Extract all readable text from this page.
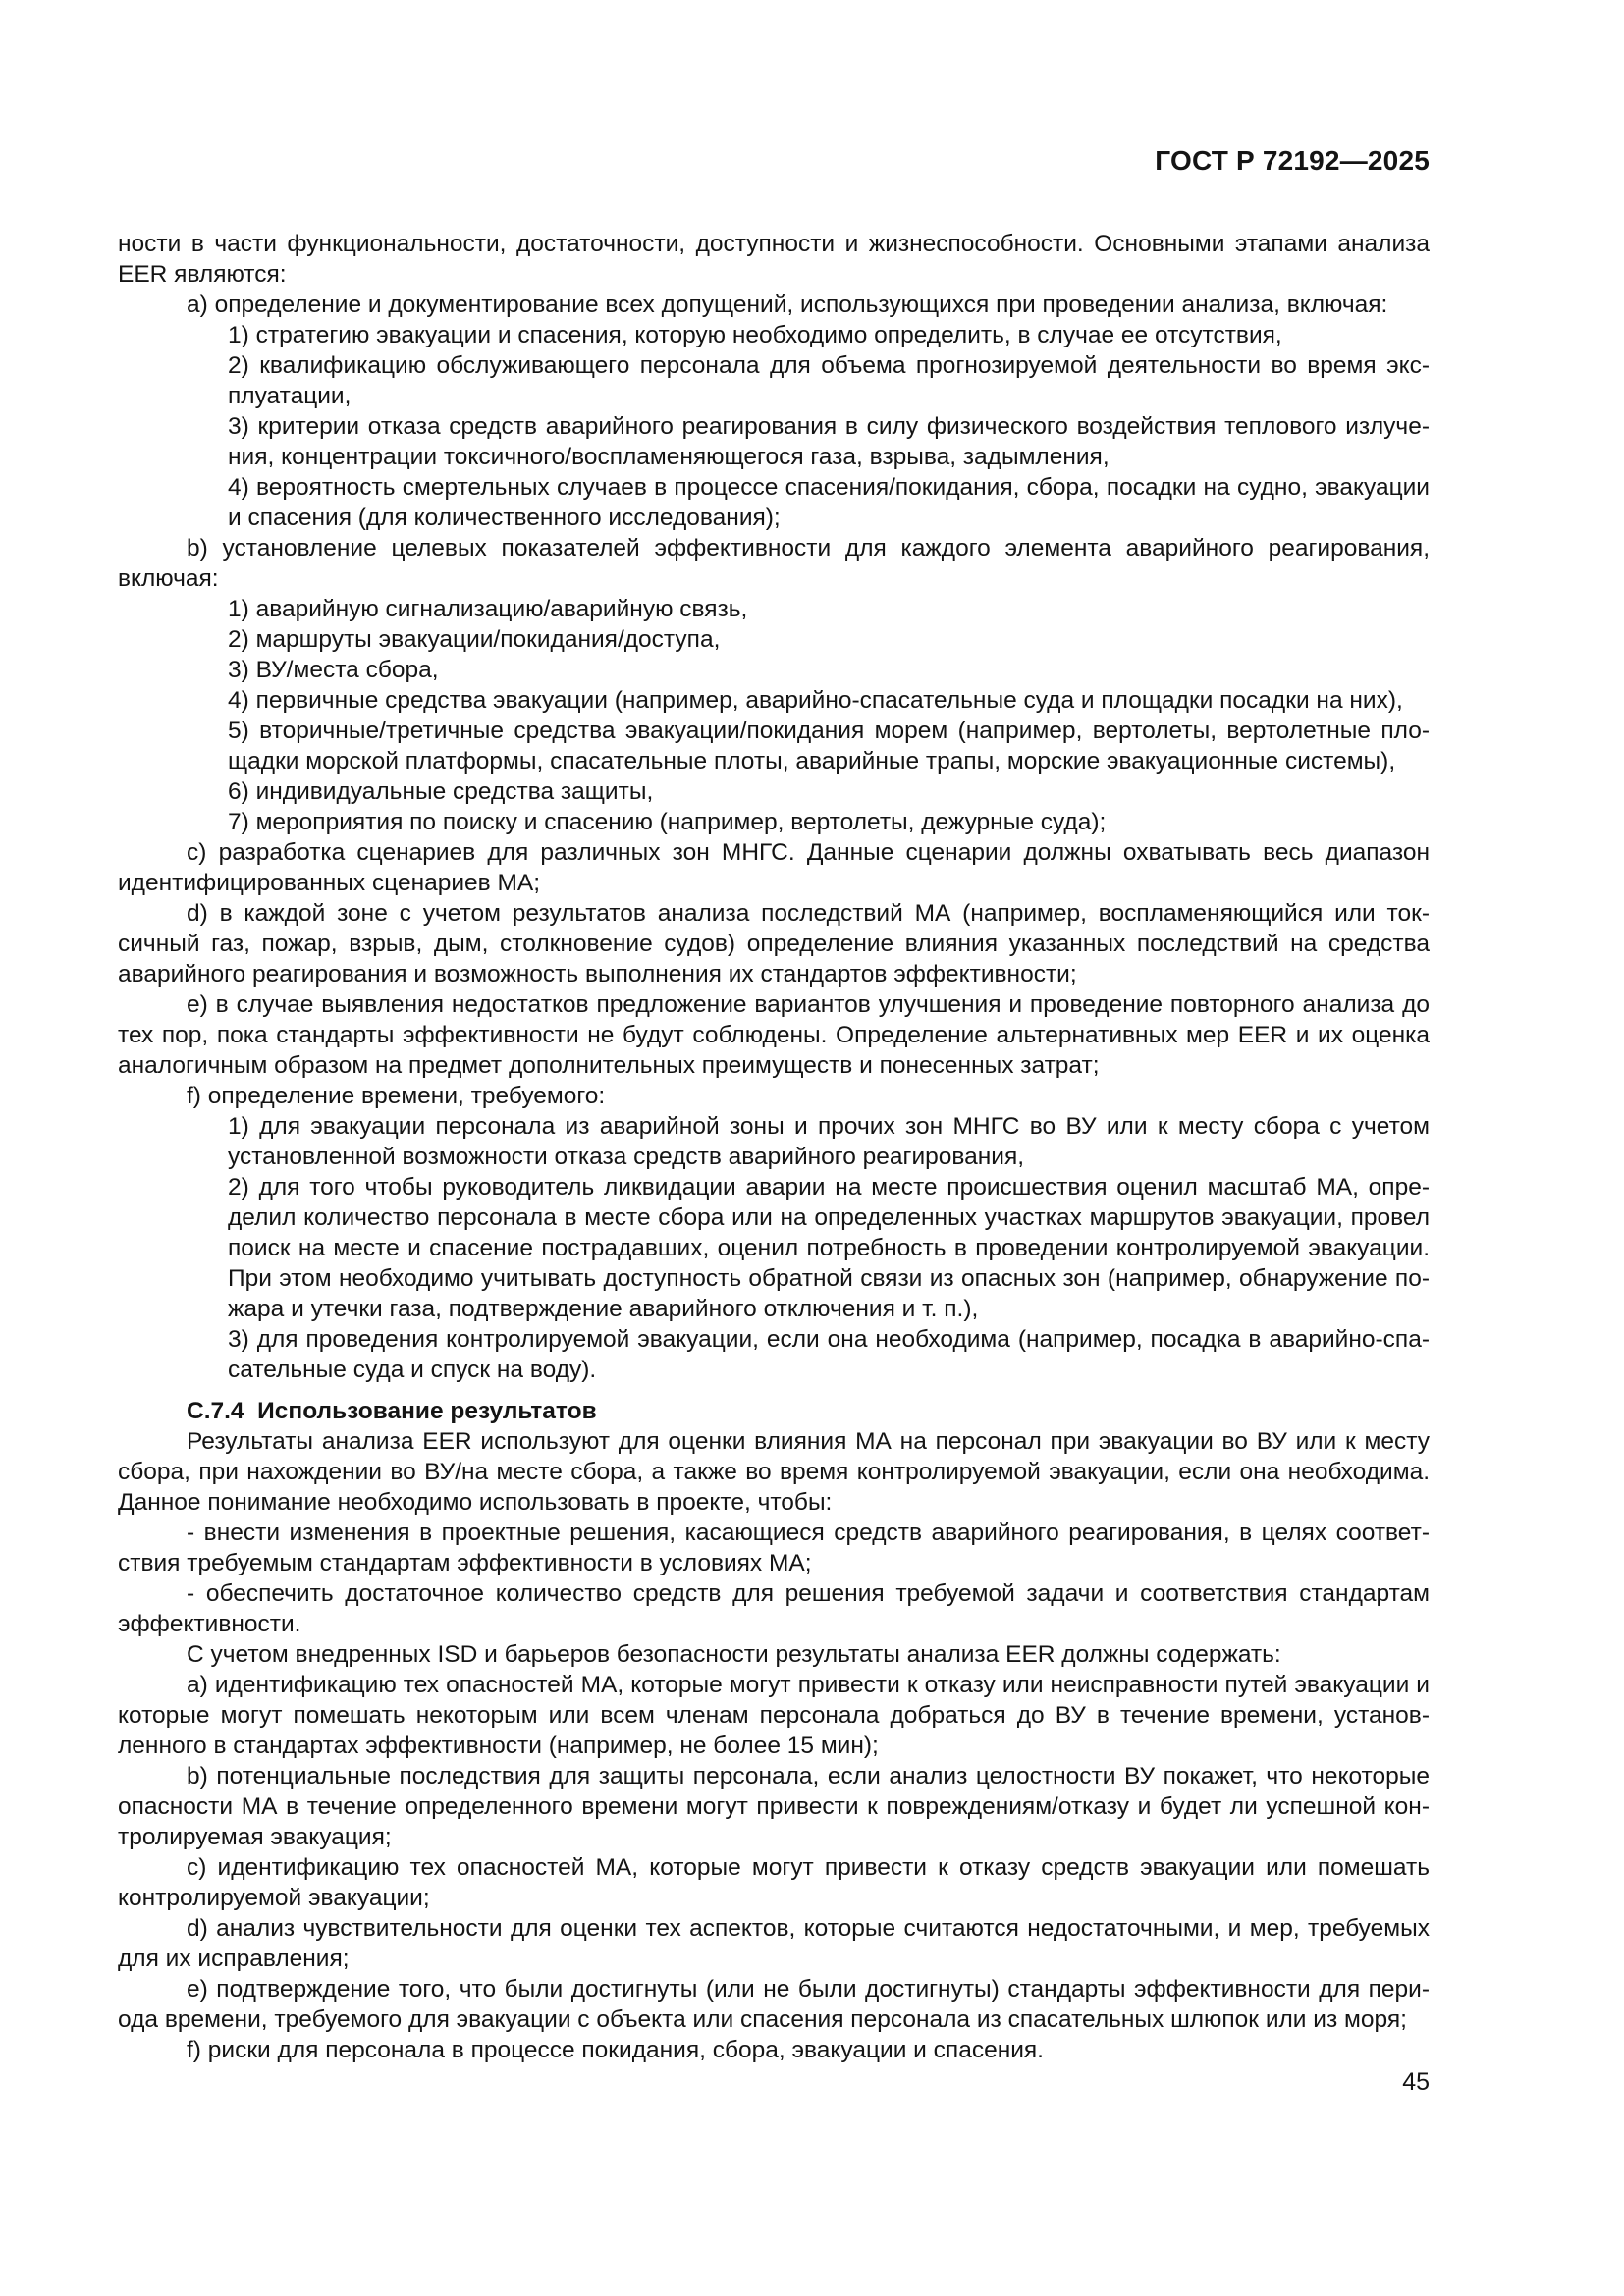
ГОСТ Р 72192—2025

ности в части функциональности, достаточности, доступности и жизнеспособности. Основными этапами анализа EER являются:

a) определение и документирование всех допущений, использующихся при проведении анализа, включая:

1) стратегию эвакуации и спасения, которую необходимо определить, в случае ее отсутствия,

2) квалификацию обслуживающего персонала для объема прогнозируемой деятельности во время эксплуатации,

3) критерии отказа средств аварийного реагирования в силу физического воздействия теплового излучения, концентрации токсичного/воспламеняющегося газа, взрыва, задымления,

4) вероятность смертельных случаев в процессе спасения/покидания, сбора, посадки на судно, эвакуации и спасения (для количественного исследования);

b) установление целевых показателей эффективности для каждого элемента аварийного реагирования, включая:

1) аварийную сигнализацию/аварийную связь,

2) маршруты эвакуации/покидания/доступа,

3) ВУ/места сбора,

4) первичные средства эвакуации (например, аварийно-спасательные суда и площадки посадки на них),

5) вторичные/третичные средства эвакуации/покидания морем (например, вертолеты, вертолетные площадки морской платформы, спасательные плоты, аварийные трапы, морские эвакуационные системы),

6) индивидуальные средства защиты,

7) мероприятия по поиску и спасению (например, вертолеты, дежурные суда);

c) разработка сценариев для различных зон МНГС. Данные сценарии должны охватывать весь диапазон идентифицированных сценариев МА;

d) в каждой зоне с учетом результатов анализа последствий МА (например, воспламеняющийся или токсичный газ, пожар, взрыв, дым, столкновение судов) определение влияния указанных последствий на средства аварийного реагирования и возможность выполнения их стандартов эффективности;

e) в случае выявления недостатков предложение вариантов улучшения и проведение повторного анализа до тех пор, пока стандарты эффективности не будут соблюдены. Определение альтернативных мер EER и их оценка аналогичным образом на предмет дополнительных преимуществ и понесенных затрат;

f) определение времени, требуемого:

1) для эвакуации персонала из аварийной зоны и прочих зон МНГС во ВУ или к месту сбора с учетом установленной возможности отказа средств аварийного реагирования,

2) для того чтобы руководитель ликвидации аварии на месте происшествия оценил масштаб МА, определил количество персонала в месте сбора или на определенных участках маршрутов эвакуации, провел поиск на месте и спасение пострадавших, оценил потребность в проведении контролируемой эвакуации. При этом необходимо учитывать доступность обратной связи из опасных зон (например, обнаружение пожара и утечки газа, подтверждение аварийного отключения и т. п.),

3) для проведения контролируемой эвакуации, если она необходима (например, посадка в аварийно-спасательные суда и спуск на воду).

C.7.4  Использование результатов

Результаты анализа EER используют для оценки влияния МА на персонал при эвакуации во ВУ или к месту сбора, при нахождении во ВУ/на месте сбора, а также во время контролируемой эвакуации, если она необходима. Данное понимание необходимо использовать в проекте, чтобы:

- внести изменения в проектные решения, касающиеся средств аварийного реагирования, в целях соответствия требуемым стандартам эффективности в условиях МА;

- обеспечить достаточное количество средств для решения требуемой задачи и соответствия стандартам эффективности.

С учетом внедренных ISD и барьеров безопасности результаты анализа EER должны содержать:

a) идентификацию тех опасностей МА, которые могут привести к отказу или неисправности путей эвакуации и которые могут помешать некоторым или всем членам персонала добраться до ВУ в течение времени, установленного в стандартах эффективности (например, не более 15 мин);

b) потенциальные последствия для защиты персонала, если анализ целостности ВУ покажет, что некоторые опасности МА в течение определенного времени могут привести к повреждениям/отказу и будет ли успешной контролируемая эвакуация;

c) идентификацию тех опасностей МА, которые могут привести к отказу средств эвакуации или помешать контролируемой эвакуации;

d) анализ чувствительности для оценки тех аспектов, которые считаются недостаточными, и мер, требуемых для их исправления;

e) подтверждение того, что были достигнуты (или не были достигнуты) стандарты эффективности для периода времени, требуемого для эвакуации с объекта или спасения персонала из спасательных шлюпок или из моря;

f) риски для персонала в процессе покидания, сбора, эвакуации и спасения.

45
